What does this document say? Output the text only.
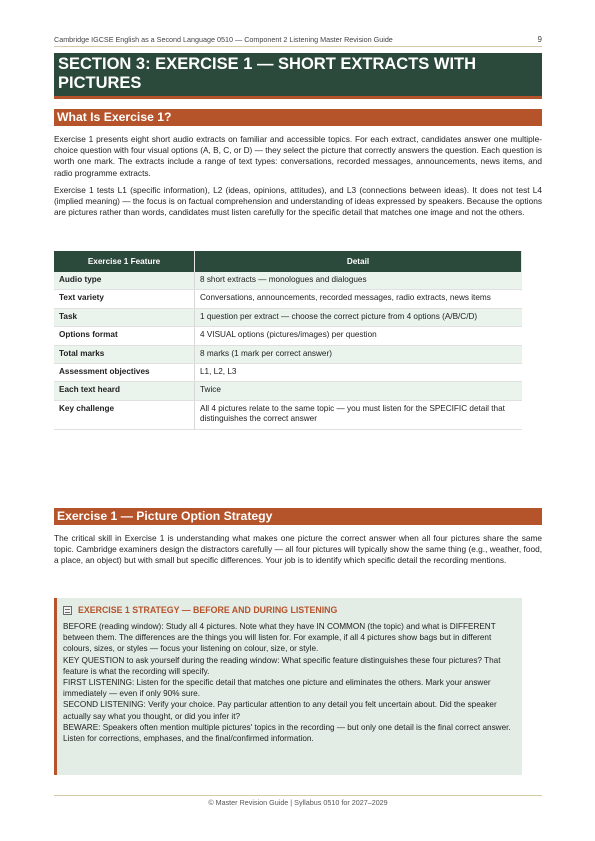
Cambridge IGCSE English as a Second Language 0510 — Component 2 Listening Master Revision Guide	9
SECTION 3: EXERCISE 1 — SHORT EXTRACTS WITH PICTURES
What Is Exercise 1?

Exercise 1 presents eight short audio extracts on familiar and accessible topics. For each extract, candidates answer one multiple-choice question with four visual options (A, B, C, or D) — they select the picture that correctly answers the question. Each question is worth one mark. The extracts include a range of text types: conversations, recorded messages, announcements, news items, and radio programme extracts.

Exercise 1 tests L1 (specific information), L2 (ideas, opinions, attitudes), and L3 (connections between ideas). It does not test L4 (implied meaning) — the focus is on factual comprehension and understanding of ideas expressed by speakers. Because the options are pictures rather than words, candidates must listen carefully for the specific detail that matches one image and not the others.

Exercise 1 Feature	Detail
Audio type	8 short extracts — monologues and dialogues
Text variety	Conversations, announcements, recorded messages, radio extracts, news items
Task	1 question per extract — choose the correct picture from 4 options (A/B/C/D)
Options format	4 VISUAL options (pictures/images) per question
Total marks	8 marks (1 mark per correct answer)
Assessment objectives	L1, L2, L3
Each text heard	Twice
Key challenge	All 4 pictures relate to the same topic — you must listen for the SPECIFIC detail that distinguishes the correct answer
Exercise 1 — Picture Option Strategy

The critical skill in Exercise 1 is understanding what makes one picture the correct answer when all four pictures share the same topic. Cambridge examiners design the distractors carefully — all four pictures will typically show the same thing (e.g., weather, food, a place, an object) but with small but specific differences. Your job is to identify which specific detail the recording mentions.

EXERCISE 1 STRATEGY — BEFORE AND DURING LISTENING

BEFORE (reading window): Study all 4 pictures. Note what they have IN COMMON (the topic) and what is DIFFERENT between them. The differences are the things you will listen for. For example, if all 4 pictures show bags but in different colours, sizes, or styles — focus your listening on colour, size, or style.

KEY QUESTION to ask yourself during the reading window: What specific feature distinguishes these four pictures? That feature is what the recording will specify.

FIRST LISTENING: Listen for the specific detail that matches one picture and eliminates the others. Mark your answer immediately — even if only 90% sure.

SECOND LISTENING: Verify your choice. Pay particular attention to any detail you felt uncertain about. Did the speaker actually say what you thought, or did you infer it?

BEWARE: Speakers often mention multiple pictures' topics in the recording — but only one detail is the final correct answer. Listen for corrections, emphases, and the final/confirmed information.

© Master Revision Guide | Syllabus 0510 for 2027–2029
